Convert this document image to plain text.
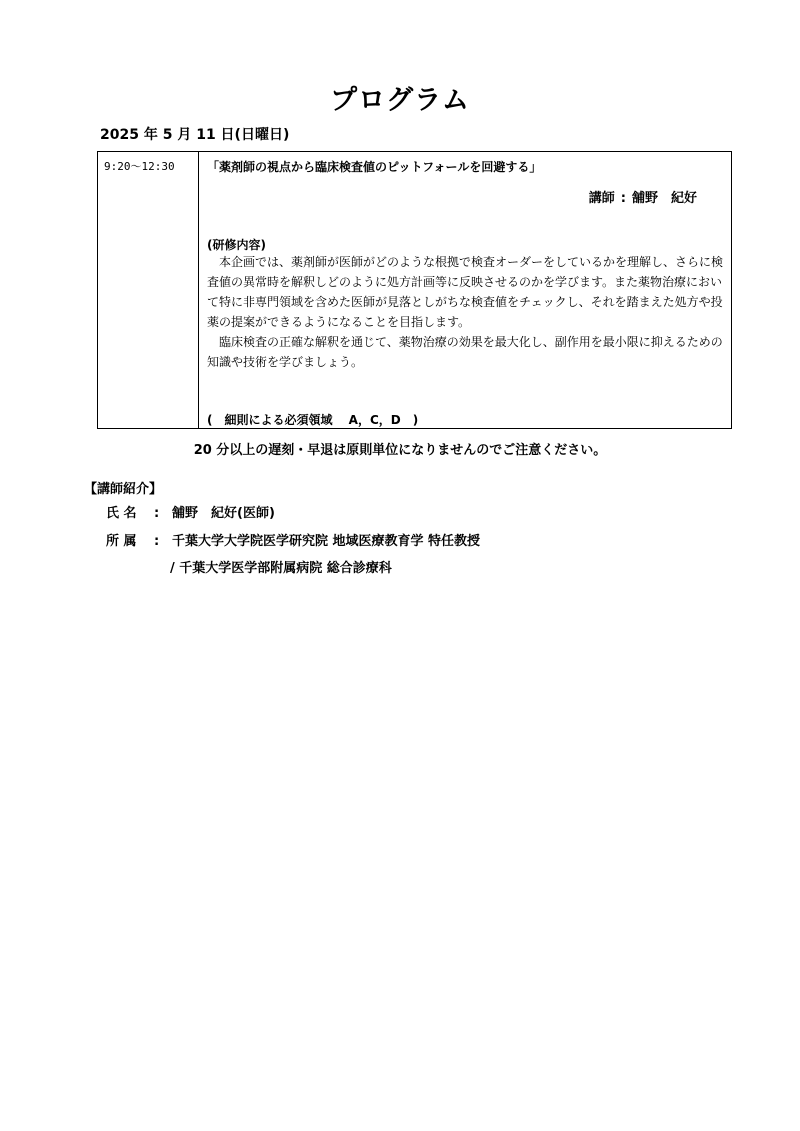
プログラム
2025 年 5 月 11 日(日曜日)
9:20〜12:30	「薬剤師の視点から臨床検査値のピットフォールを回避する」
講師 : 舗野　紀好
(研修内容)

本企画では、薬剤師が医師がどのような根拠で検査オーダーをしているかを理解し、さらに検査値の異常時を解釈しどのように処方計画等に反映させるのかを学びます。また薬物治療において特に非専門領域を含めた医師が見落としがちな検査値をチェックし、それを踏まえた処方や投薬の提案ができるようになることを目指します。

臨床検査の正確な解釈を通じて、薬物治療の効果を最大化し、副作用を最小限に抑えるための知識や技術を学びましょう。

(　細則による必須領域　 A，C，D　)
20 分以上の遅刻・早退は原則単位になりませんのでご注意ください。
【講師紹介】
氏 名 : 舗野　紀好(医師)
所 属 : 千葉大学大学院医学研究院 地域医療教育学 特任教授
/ 千葉大学医学部附属病院 総合診療科
